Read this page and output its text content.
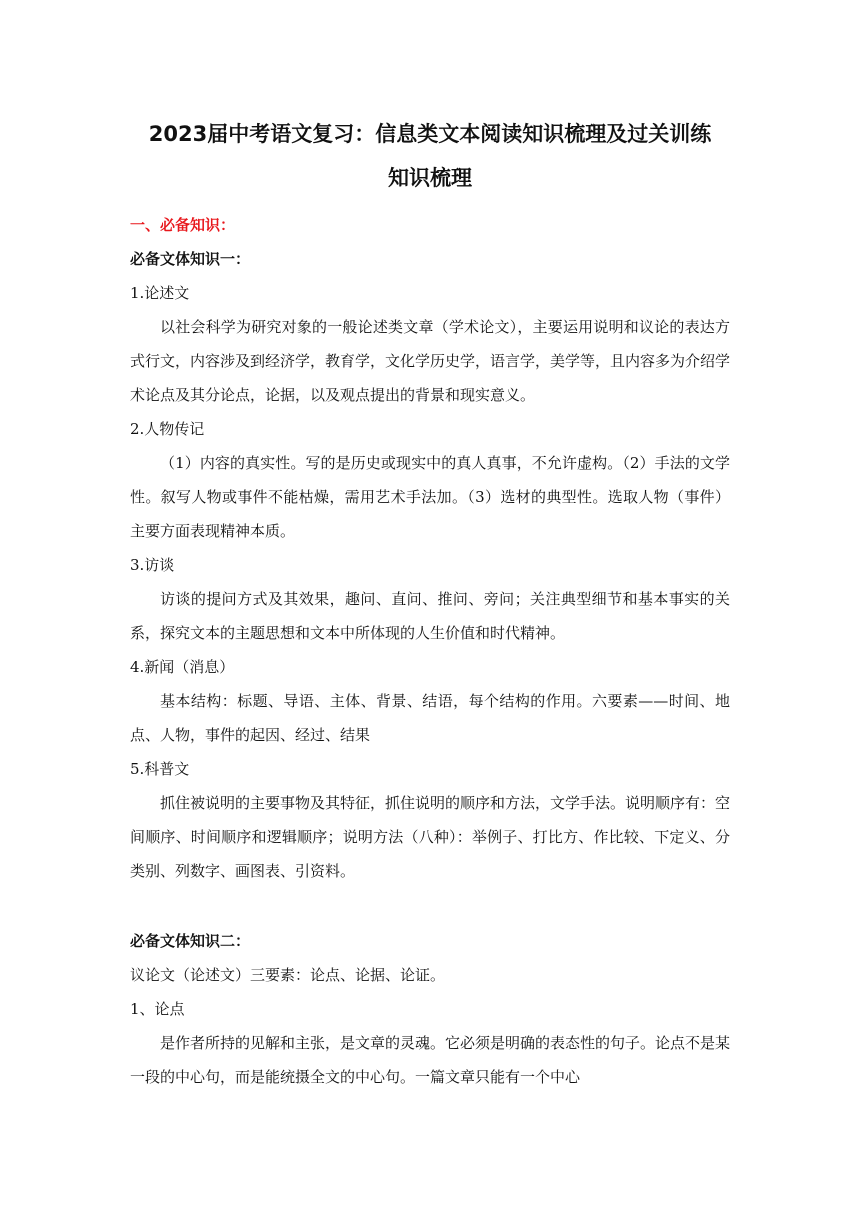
2023届中考语文复习：信息类文本阅读知识梳理及过关训练
知识梳理

一、必备知识：

必备文体知识一：

1.论述文

以社会科学为研究对象的一般论述类文章（学术论文），主要运用说明和议论的表达方式行文，内容涉及到经济学，教育学，文化学历史学，语言学，美学等，且内容多为介绍学术论点及其分论点，论据，以及观点提出的背景和现实意义。

2.人物传记

（1）内容的真实性。写的是历史或现实中的真人真事，不允许虚构。（2）手法的文学性。叙写人物或事件不能枯燥，需用艺术手法加。（3）选材的典型性。选取人物（事件）主要方面表现精神本质。

3.访谈

访谈的提问方式及其效果，趣问、直问、推问、旁问；关注典型细节和基本事实的关系，探究文本的主题思想和文本中所体现的人生价值和时代精神。

4.新闻（消息）

基本结构：标题、导语、主体、背景、结语，每个结构的作用。六要素——时间、地点、人物，事件的起因、经过、结果

5.科普文

抓住被说明的主要事物及其特征，抓住说明的顺序和方法，文学手法。说明顺序有：空间顺序、时间顺序和逻辑顺序；说明方法（八种）：举例子、打比方、作比较、下定义、分类别、列数字、画图表、引资料。

必备文体知识二：

议论文（论述文）三要素：论点、论据、论证。

1、论点

是作者所持的见解和主张，是文章的灵魂。它必须是明确的表态性的句子。论点不是某一段的中心句，而是能统摄全文的中心句。一篇文章只能有一个中心
